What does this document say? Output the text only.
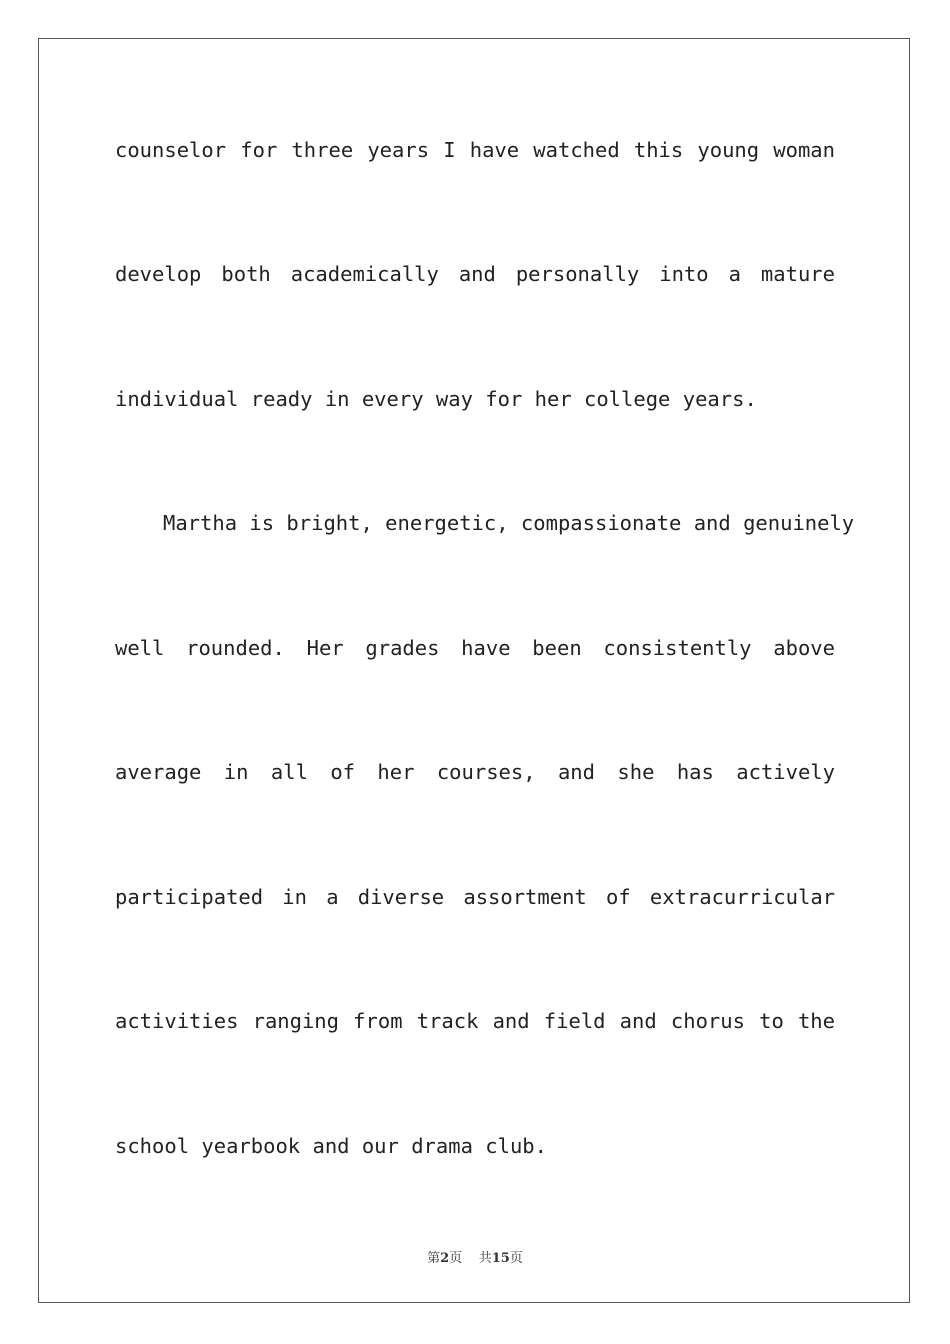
counselor for three years I have watched this young woman
develop both academically and personally into a mature
individual ready in every way for her college years.
Martha is bright, energetic, compassionate and genuinely
well rounded. Her grades have been consistently above
average in all of her courses, and she has actively
participated in a diverse assortment of extracurricular
activities ranging from track and field and chorus to the
school yearbook and our drama club.
第2页 共15页
